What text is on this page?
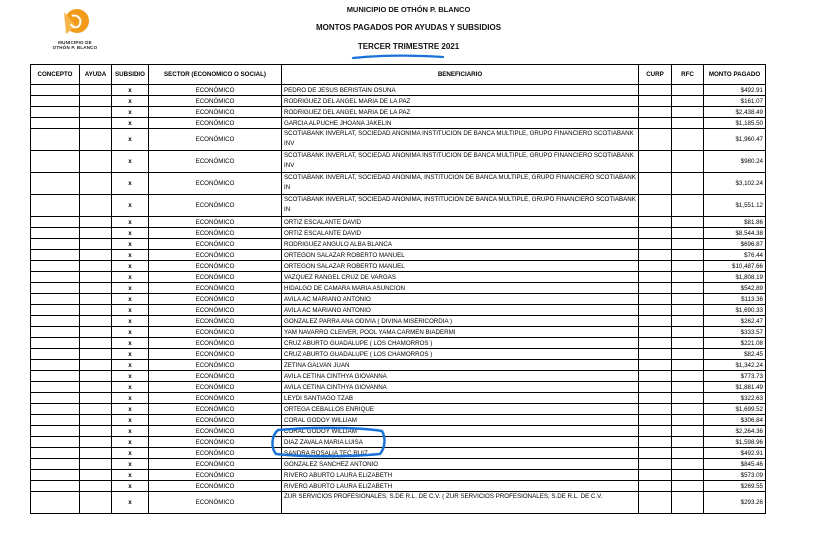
MUNICIPIO DE
OTHÓN P. BLANCO
MUNICIPIO DE OTHÓN P. BLANCO
MONTOS PAGADOS POR AYUDAS Y SUBSIDIOS
TERCER TRIMESTRE 2021
CONCEPTO	AYUDA	SUBSIDIO	SECTOR (ECONOMICO O SOCIAL)	BENEFICIARIO	CURP	RFC	MONTO PAGADO
		x	ECONÓMICO	PEDRO DE JESUS BERISTAIN OSUNA			$492.91
		x	ECONÓMICO	RODRIGUEZ DEL ANGEL MARIA DE LA PAZ			$161.07
		x	ECONÓMICO	RODRIGUEZ DEL ANGEL MARIA DE LA PAZ			$2,438.49
		x	ECONÓMICO	GARCIA ALPUCHE JHOANA JAKELIN			$1,185.50
		x	ECONÓMICO	SCOTIABANK INVERLAT, SOCIEDAD ANONIMA INSTITUCION DE BANCA MULTIPLE, GRUPO FINANCIERO SCOTIABANK INV			$1,960.47
		x	ECONÓMICO	SCOTIABANK INVERLAT, SOCIEDAD ANONIMA INSTITUCION DE BANCA MULTIPLE, GRUPO FINANCIERO SCOTIABANK INV			$980.24
		x	ECONÓMICO	SCOTIABANK INVERLAT, SOCIEDAD ANONIMA, INSTITUCION DE BANCA MULTIPLE, GRUPO FINANCIERO SCOTIABANK IN			$3,102.24
		x	ECONÓMICO	SCOTIABANK INVERLAT, SOCIEDAD ANONIMA, INSTITUCION DE BANCA MULTIPLE, GRUPO FINANCIERO SCOTIABANK IN			$1,551.12
		x	ECONÓMICO	ORTIZ ESCALANTE DAVID			$81.86
		x	ECONÓMICO	ORTIZ ESCALANTE DAVID			$8,544.38
		x	ECONÓMICO	RODRIGUEZ ANGULO ALBA BLANCA			$696.87
		x	ECONÓMICO	ORTEGON SALAZAR ROBERTO MANUEL			$76.44
		x	ECONÓMICO	ORTEGON SALAZAR ROBERTO MANUEL			$10,487.66
		x	ECONÓMICO	VAZQUEZ RANGEL CRUZ DE VARGAS			$1,808.19
		x	ECONÓMICO	HIDALGO DE CAMARA MARIA ASUNCION			$542.89
		x	ECONÓMICO	AVILA AC MARIANO ANTONIO			$113.36
		x	ECONÓMICO	AVILA AC MARIANO ANTONIO			$1,690.33
		x	ECONÓMICO	GONZALEZ PARRA ANA ODIVIA ( DIVINA MISERICORDIA )			$262.47
		x	ECONÓMICO	YAM NAVARRO CLEIVER, POOL YAMA CARMEN BIADERMI			$333.57
		x	ECONÓMICO	CRUZ ABURTO GUADALUPE ( LOS CHAMORROS )			$221.08
		x	ECONÓMICO	CRUZ ABURTO GUADALUPE ( LOS CHAMORROS )			$82.45
		x	ECONÓMICO	ZETINA GALVAN JUAN			$1,342.24
		x	ECONÓMICO	AVILA CETINA CINTHYA GIOVANNA			$773.73
		x	ECONÓMICO	AVILA CETINA CINTHYA GIOVANNA			$1,881.49
		x	ECONÓMICO	LEYDI SANTIAGO TZAB			$322.63
		x	ECONÓMICO	ORTEGA CEBALLOS ENRIQUE			$1,699.52
		x	ECONÓMICO	CORAL GODOY WILLIAM			$306.84
		x	ECONÓMICO	CORAL GODOY WILLIAM			$2,264.36
		x	ECONÓMICO	DIAZ ZAVALA MARIA LUISA			$1,598.96
		x	ECONÓMICO	SANDRA ROSALIA TEC RUIZ			$492.91
		x	ECONÓMICO	GONZALEZ SANCHEZ ANTONIO			$845.46
		x	ECONÓMICO	RIVERO ABURTO LAURA ELIZABETH			$573.09
		x	ECONÓMICO	RIVERO ABURTO LAURA ELIZABETH			$269.55
		x	ECONÓMICO	ZUR SERVICIOS PROFESIONALES, S.DE R.L. DE C.V. ( ZUR SERVICIOS PROFESIONALES, S.DE R.L. DE C.V.			$293.26
